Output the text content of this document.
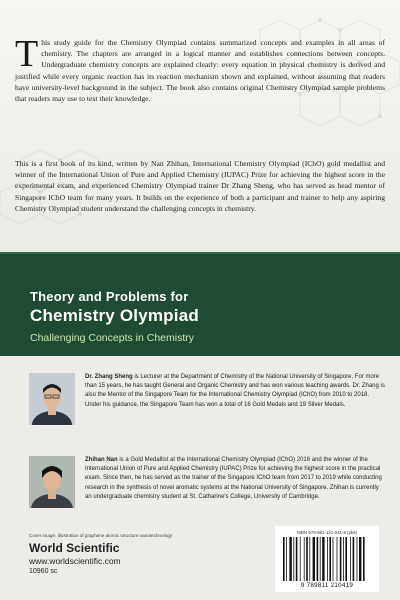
This study guide for the Chemistry Olympiad contains summarized concepts and examples in all areas of chemistry. The chapters are arranged in a logical manner and establishes connections between concepts. Undergraduate chemistry concepts are explained clearly: every equation in physical chemistry is derived and justified while every organic reaction has its reaction mechanism shown and explained, without assuming that readers have university-level background in the subject. The book also contains original Chemistry Olympiad sample problems that readers may use to test their knowledge.

This is a first book of its kind, written by Nan Zhihan, International Chemistry Olympiad (IChO) gold medallist and winner of the International Union of Pure and Applied Chemistry (IUPAC) Prize for achieving the highest score in the experimental exam, and experienced Chemistry Olympiad trainer Dr Zhang Sheng, who has served as head mentor of Singapore IChO team for many years. It builds on the experience of both a participant and trainer to help any aspiring Chemistry Olympiad student understand the challenging concepts in chemistry.

Theory and Problems for
Chemistry Olympiad
Challenging Concepts in Chemistry

Dr. Zhang Sheng is Lecturer at the Department of Chemistry of the National University of Singapore. For more than 15 years, he has taught General and Organic Chemistry and has won various teaching awards. Dr. Zhang is also the Mentor of the Singapore Team for the International Chemistry Olympiad (IChO) from 2010 to 2018. Under his guidance, the Singapore Team has won a total of 16 Gold Medals and 19 Silver Medals.

Zhihan Nan is a Gold Medallist at the International Chemistry Olympiad (IChO) 2016 and the winner of the International Union of Pure and Applied Chemistry (IUPAC) Prize for achieving the highest score in the practical exam. Since then, he has served as the trainer of the Singapore IChO team from 2017 to 2019 while conducting research in the synthesis of novel aromatic systems at the National University of Singapore. Zhihan is currently an undergraduate chemistry student at St. Catharine's College, University of Cambridge.

Cover image: Illustration of graphene atomic structure nanotechnology
World Scientific
www.worldscientific.com
10960 sc
ISBN 978-981-121-041-9 (pbk)
9 789811 210419
